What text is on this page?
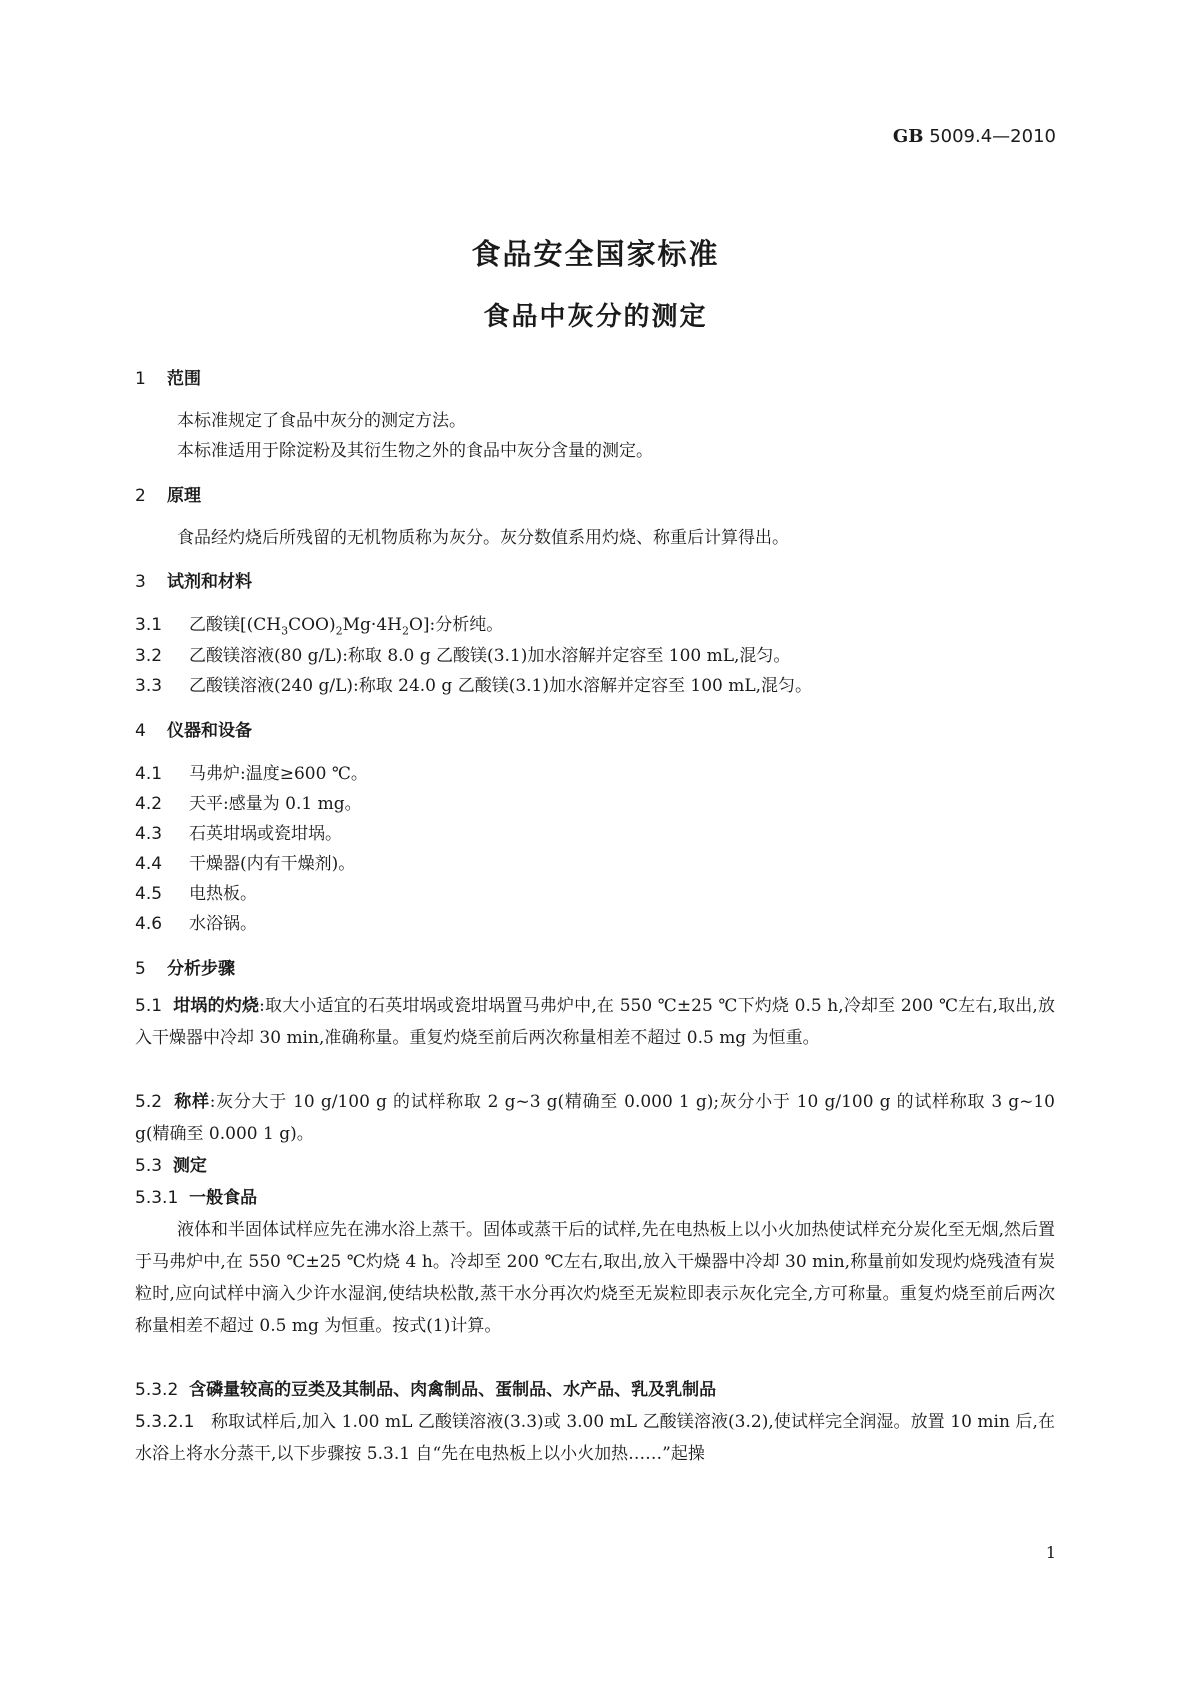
GB 5009.4—2010
食品安全国家标准
食品中灰分的测定
1 范围
本标准规定了食品中灰分的测定方法。
本标准适用于除淀粉及其衍生物之外的食品中灰分含量的测定。
2 原理
食品经灼烧后所残留的无机物质称为灰分。灰分数值系用灼烧、称重后计算得出。
3 试剂和材料
3.1 乙酸镁$[(CH_3COO)_2Mg\cdot 4H_2O]$:分析纯。
3.2 乙酸镁溶液(80 g/L):称取 8.0 g 乙酸镁(3.1)加水溶解并定容至 100 mL,混匀。
3.3 乙酸镁溶液(240 g/L):称取 24.0 g 乙酸镁(3.1)加水溶解并定容至 100 mL,混匀。
4 仪器和设备
4.1 马弗炉:温度≥600 ℃。
4.2 天平:感量为 0.1 mg。
4.3 石英坩埚或瓷坩埚。
4.4 干燥器(内有干燥剂)。
4.5 电热板。
4.6 水浴锅。
5 分析步骤
5.1 坩埚的灼烧:取大小适宜的石英坩埚或瓷坩埚置马弗炉中,在 550 ℃±25 ℃下灼烧 0.5 h,冷却至 200 ℃左右,取出,放入干燥器中冷却 30 min,准确称量。重复灼烧至前后两次称量相差不超过 0.5 mg 为恒重。
5.2 称样:灰分大于 10 g/100 g 的试样称取 2 g~3 g(精确至 0.000 1 g);灰分小于 10 g/100 g 的试样称取 3 g~10 g(精确至 0.000 1 g)。
5.3 测定
5.3.1 一般食品
液体和半固体试样应先在沸水浴上蒸干。固体或蒸干后的试样,先在电热板上以小火加热使试样充分炭化至无烟,然后置于马弗炉中,在 550 ℃±25 ℃灼烧 4 h。冷却至 200 ℃左右,取出,放入干燥器中冷却 30 min,称量前如发现灼烧残渣有炭粒时,应向试样中滴入少许水湿润,使结块松散,蒸干水分再次灼烧至无炭粒即表示灰化完全,方可称量。重复灼烧至前后两次称量相差不超过 0.5 mg 为恒重。按式(1)计算。
5.3.2 含磷量较高的豆类及其制品、肉禽制品、蛋制品、水产品、乳及乳制品
5.3.2.1 称取试样后,加入 1.00 mL 乙酸镁溶液(3.3)或 3.00 mL 乙酸镁溶液(3.2),使试样完全润湿。放置 10 min 后,在水浴上将水分蒸干,以下步骤按 5.3.1 自“先在电热板上以小火加热……”起操
1
